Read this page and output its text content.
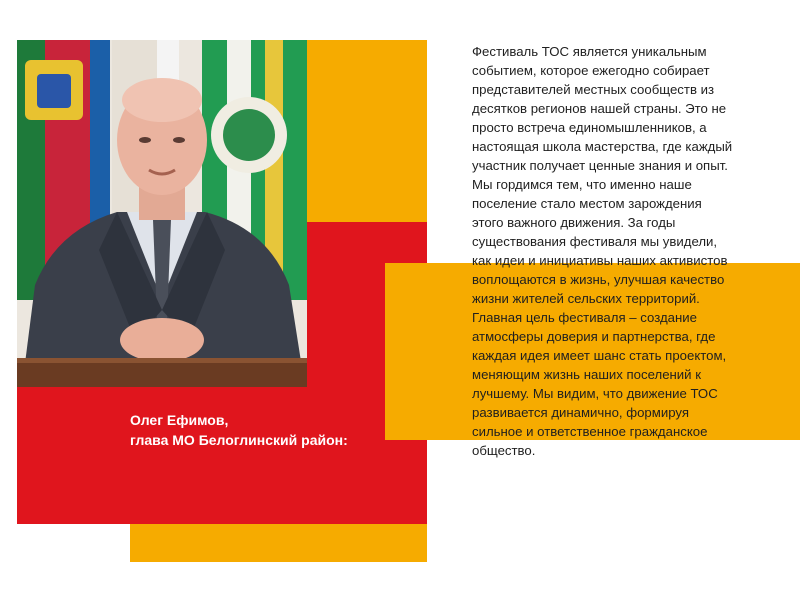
Олег Ефимов,
глава МО Белоглинский район:

Фестиваль ТОС является уникальным событием, которое ежегодно собирает представителей местных сообществ из десятков регионов нашей страны. Это не просто встреча единомышленников, а настоящая школа мастерства, где каждый участник получает ценные знания и опыт.

Мы гордимся тем, что именно наше поселение стало местом зарождения этого важного движения. За годы существования фестиваля мы увидели, как идеи и инициативы наших активистов воплощаются в жизнь, улучшая качество жизни жителей сельских территорий.

Главная цель фестиваля – создание атмосферы доверия и партнерства, где каждая идея имеет шанс стать проектом, меняющим жизнь наших поселений к лучшему. Мы видим, что движение ТОС развивается динамично, формируя сильное и ответственное гражданское общество.
